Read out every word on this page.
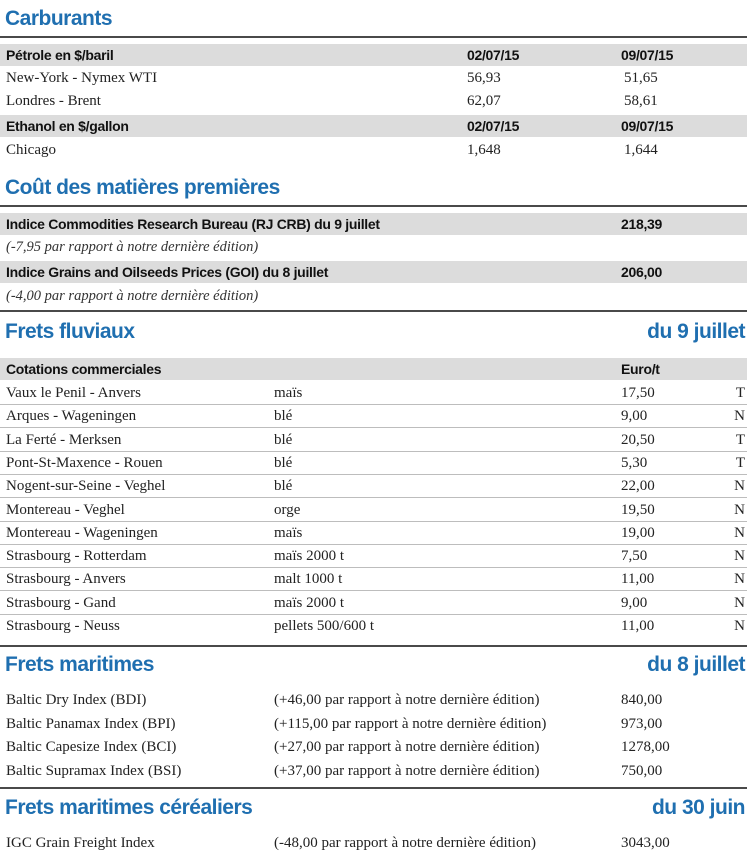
Carburants
Pétrole en $/baril	02/07/15	09/07/15
New-York - Nymex WTI	56,93	51,65
Londres - Brent	62,07	58,61
Ethanol en $/gallon	02/07/15	09/07/15
Chicago	1,648	1,644
Coût des matières premières
Indice Commodities Research Bureau (RJ CRB) du 9 juillet	218,39
(-7,95 par rapport à notre dernière édition)
Indice Grains and Oilseeds Prices (GOI) du 8 juillet	206,00
(-4,00 par rapport à notre dernière édition)
Frets fluviaux	du 9 juillet
Cotations commerciales	Euro/t
Vaux le Penil - Anvers	maïs	17,50	T
Arques - Wageningen	blé	9,00	N
La Ferté - Merksen	blé	20,50	T
Pont-St-Maxence - Rouen	blé	5,30	T
Nogent-sur-Seine - Veghel	blé	22,00	N
Montereau - Veghel	orge	19,50	N
Montereau - Wageningen	maïs	19,00	N
Strasbourg - Rotterdam	maïs 2000 t	7,50	N
Strasbourg - Anvers	malt 1000 t	11,00	N
Strasbourg - Gand	maïs 2000 t	9,00	N
Strasbourg - Neuss	pellets 500/600 t	11,00	N
Frets maritimes	du 8 juillet
Baltic Dry Index (BDI)	(+46,00 par rapport à notre dernière édition)	840,00
Baltic Panamax Index (BPI)	(+115,00 par rapport à notre dernière édition)	973,00
Baltic Capesize Index (BCI)	(+27,00 par rapport à notre dernière édition)	1278,00
Baltic Supramax Index (BSI)	(+37,00 par rapport à notre dernière édition)	750,00
Frets maritimes céréaliers	du 30 juin
IGC Grain Freight Index	(-48,00 par rapport à notre dernière édition)	3043,00
